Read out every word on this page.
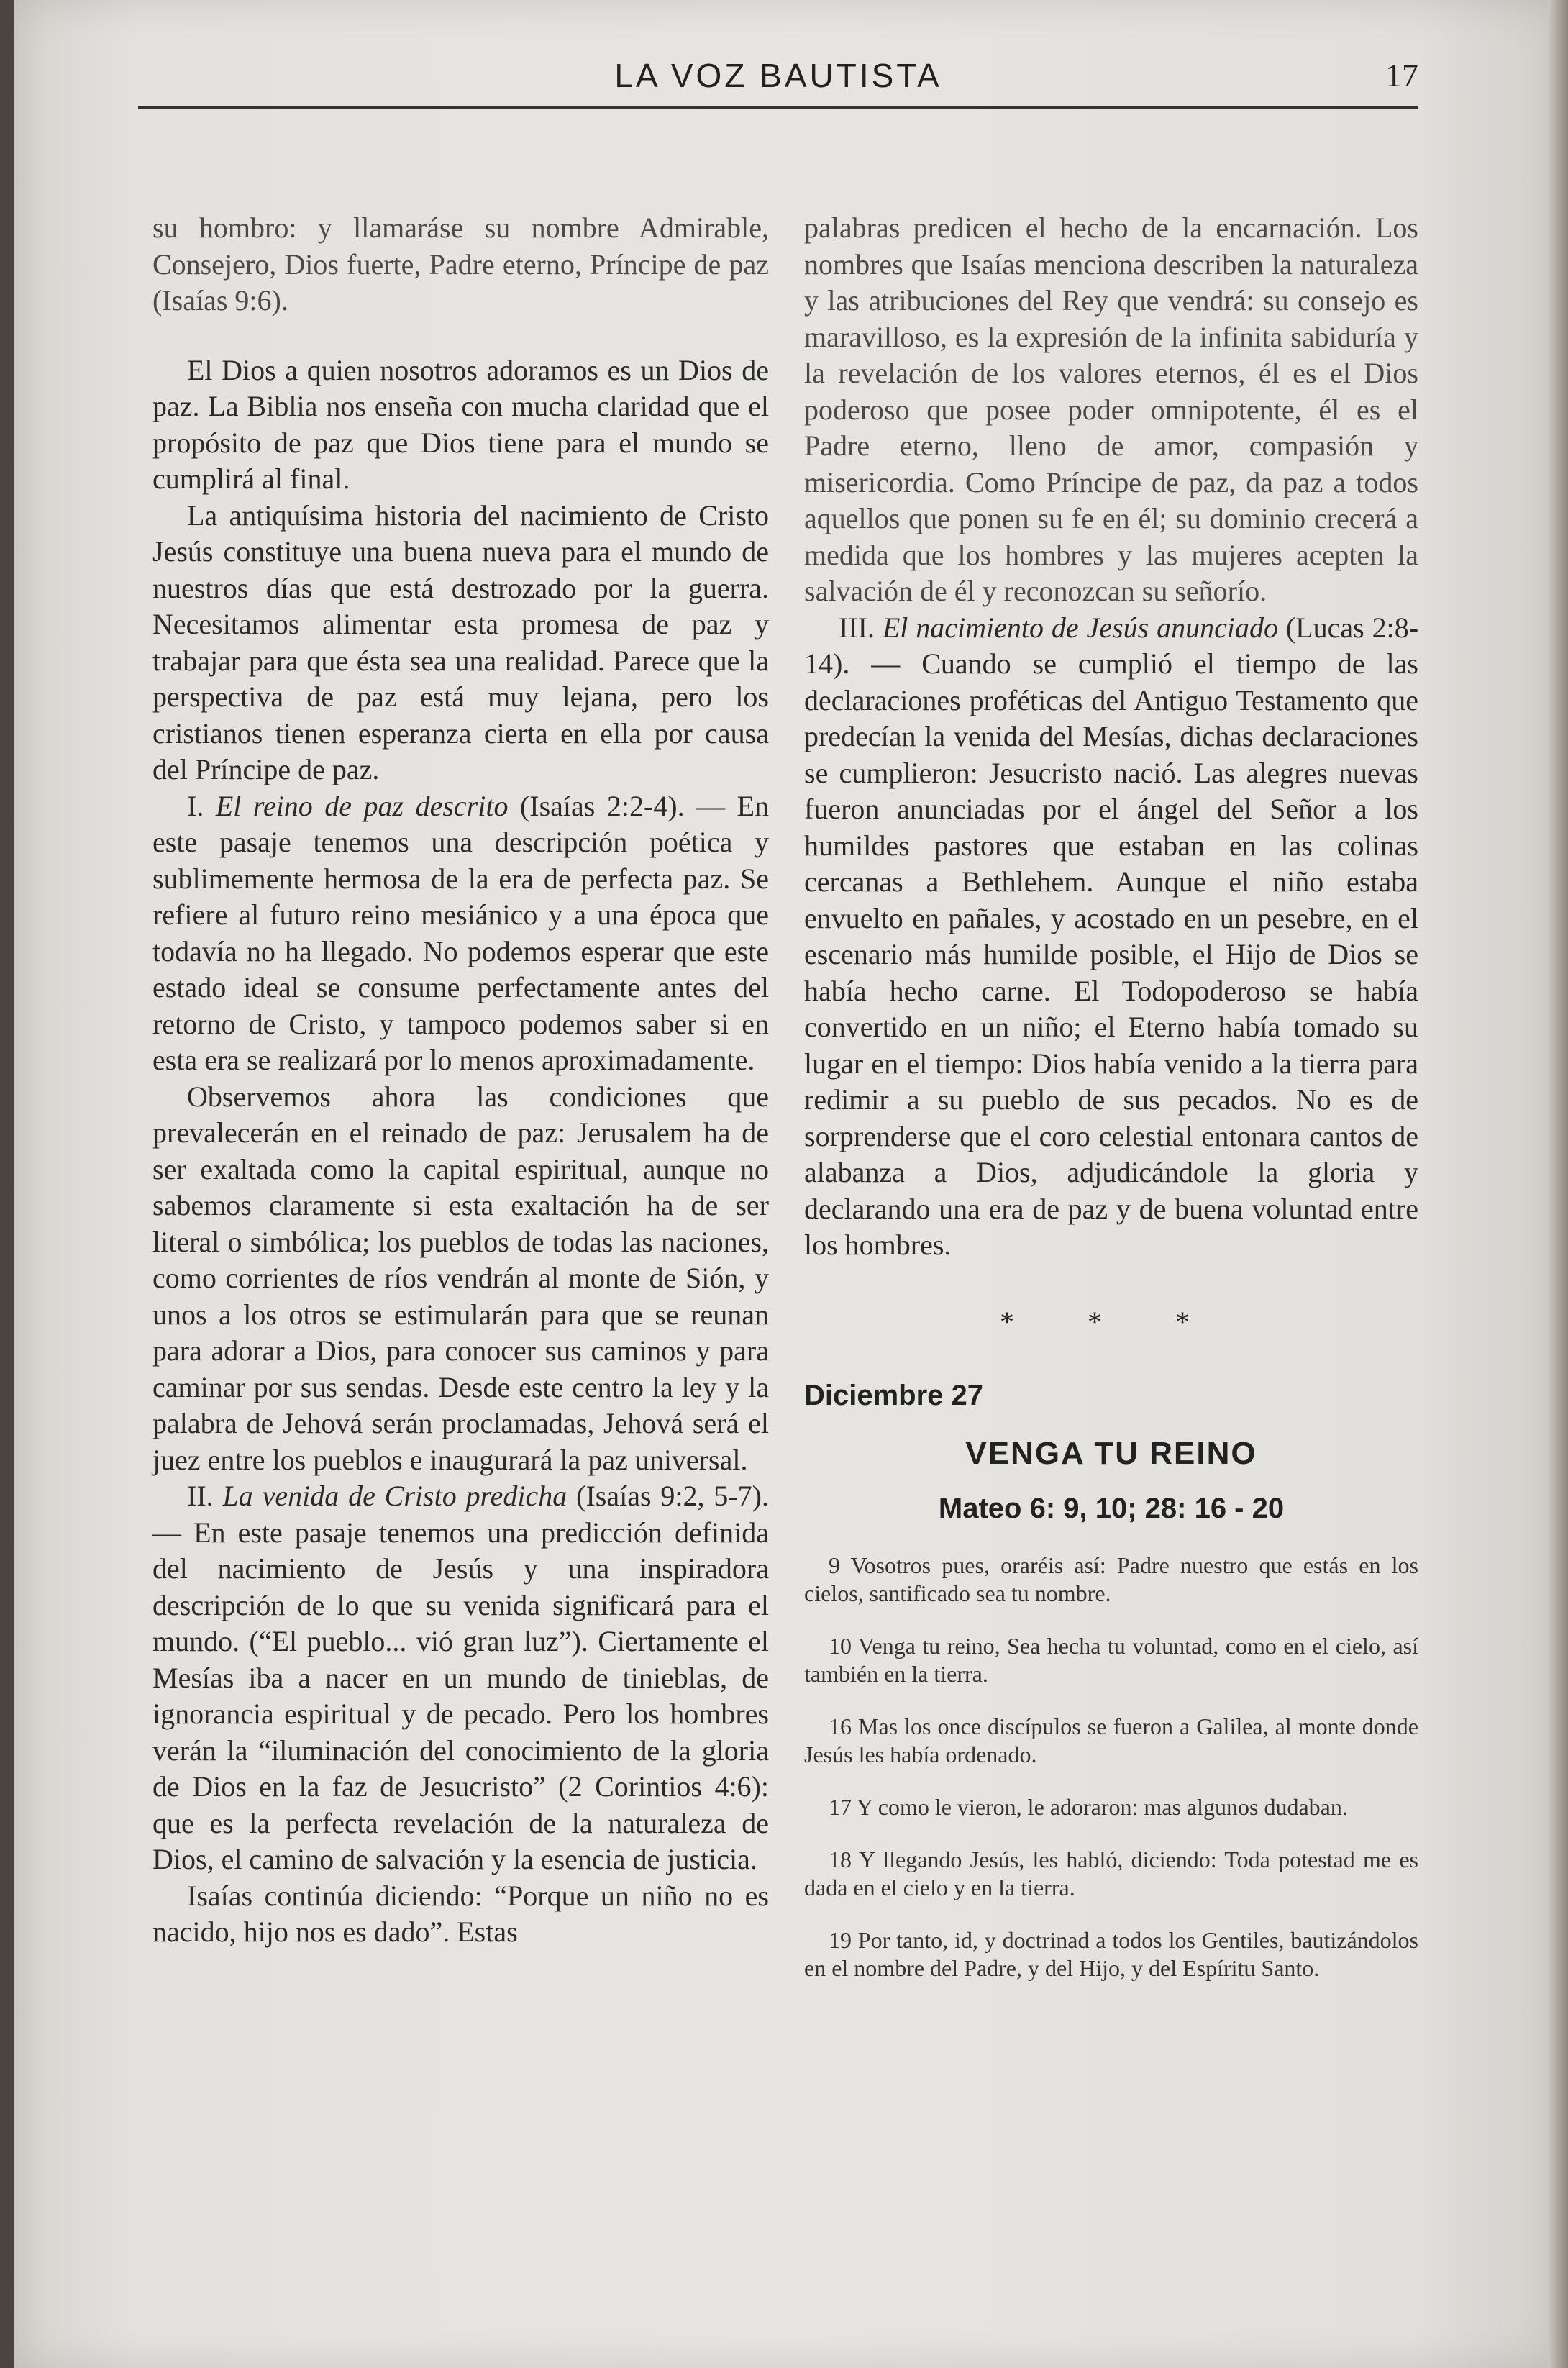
LA VOZ BAUTISTA	17

su hombro: y llamaráse su nombre Admirable, Consejero, Dios fuerte, Padre eterno, Príncipe de paz (Isaías 9:6).

El Dios a quien nosotros adoramos es un Dios de paz. La Biblia nos enseña con mucha claridad que el propósito de paz que Dios tiene para el mundo se cumplirá al final.

La antiquísima historia del nacimiento de Cristo Jesús constituye una buena nueva para el mundo de nuestros días que está destrozado por la guerra. Necesitamos alimentar esta promesa de paz y trabajar para que ésta sea una realidad. Parece que la perspectiva de paz está muy lejana, pero los cristianos tienen esperanza cierta en ella por causa del Príncipe de paz.

I. El reino de paz descrito (Isaías 2:2-4). — En este pasaje tenemos una descripción poética y sublimemente hermosa de la era de perfecta paz. Se refiere al futuro reino mesiánico y a una época que todavía no ha llegado. No podemos esperar que este estado ideal se consume perfectamente antes del retorno de Cristo, y tampoco podemos saber si en esta era se realizará por lo menos aproximadamente.

Observemos ahora las condiciones que prevalecerán en el reinado de paz: Jerusalem ha de ser exaltada como la capital espiritual, aunque no sabemos claramente si esta exaltación ha de ser literal o simbólica; los pueblos de todas las naciones, como corrientes de ríos vendrán al monte de Sión, y unos a los otros se estimularán para que se reunan para adorar a Dios, para conocer sus caminos y para caminar por sus sendas. Desde este centro la ley y la palabra de Jehová serán proclamadas, Jehová será el juez entre los pueblos e inaugurará la paz universal.

II. La venida de Cristo predicha (Isaías 9:2, 5-7). — En este pasaje tenemos una predicción definida del nacimiento de Jesús y una inspiradora descripción de lo que su venida significará para el mundo. (“El pueblo... vió gran luz”). Ciertamente el Mesías iba a nacer en un mundo de tinieblas, de ignorancia espiritual y de pecado. Pero los hombres verán la “iluminación del conocimiento de la gloria de Dios en la faz de Jesucristo” (2 Corintios 4:6): que es la perfecta revelación de la naturaleza de Dios, el camino de salvación y la esencia de justicia.

Isaías continúa diciendo: “Porque un niño no es nacido, hijo nos es dado”. Estas

palabras predicen el hecho de la encarnación. Los nombres que Isaías menciona describen la naturaleza y las atribuciones del Rey que vendrá: su consejo es maravilloso, es la expresión de la infinita sabiduría y la revelación de los valores eternos, él es el Dios poderoso que posee poder omnipotente, él es el Padre eterno, lleno de amor, compasión y misericordia. Como Príncipe de paz, da paz a todos aquellos que ponen su fe en él; su dominio crecerá a medida que los hombres y las mujeres acepten la salvación de él y reconozcan su señorío.

III. El nacimiento de Jesús anunciado (Lucas 2:8-14). — Cuando se cumplió el tiempo de las declaraciones proféticas del Antiguo Testamento que predecían la venida del Mesías, dichas declaraciones se cumplieron: Jesucristo nació. Las alegres nuevas fueron anunciadas por el ángel del Señor a los humildes pastores que estaban en las colinas cercanas a Bethlehem. Aunque el niño estaba envuelto en pañales, y acostado en un pesebre, en el escenario más humilde posible, el Hijo de Dios se había hecho carne. El Todopoderoso se había convertido en un niño; el Eterno había tomado su lugar en el tiempo: Dios había venido a la tierra para redimir a su pueblo de sus pecados. No es de sorprenderse que el coro celestial entonara cantos de alabanza a Dios, adjudicándole la gloria y declarando una era de paz y de buena voluntad entre los hombres.

* * *
Diciembre 27
VENGA TU REINO
Mateo 6: 9, 10; 28: 16 - 20

9 Vosotros pues, oraréis así: Padre nuestro que estás en los cielos, santificado sea tu nombre.

10 Venga tu reino, Sea hecha tu voluntad, como en el cielo, así también en la tierra.

16 Mas los once discípulos se fueron a Galilea, al monte donde Jesús les había ordenado.

17 Y como le vieron, le adoraron: mas algunos dudaban.

18 Y llegando Jesús, les habló, diciendo: Toda potestad me es dada en el cielo y en la tierra.

19 Por tanto, id, y doctrinad a todos los Gentiles, bautizándolos en el nombre del Padre, y del Hijo, y del Espíritu Santo.
